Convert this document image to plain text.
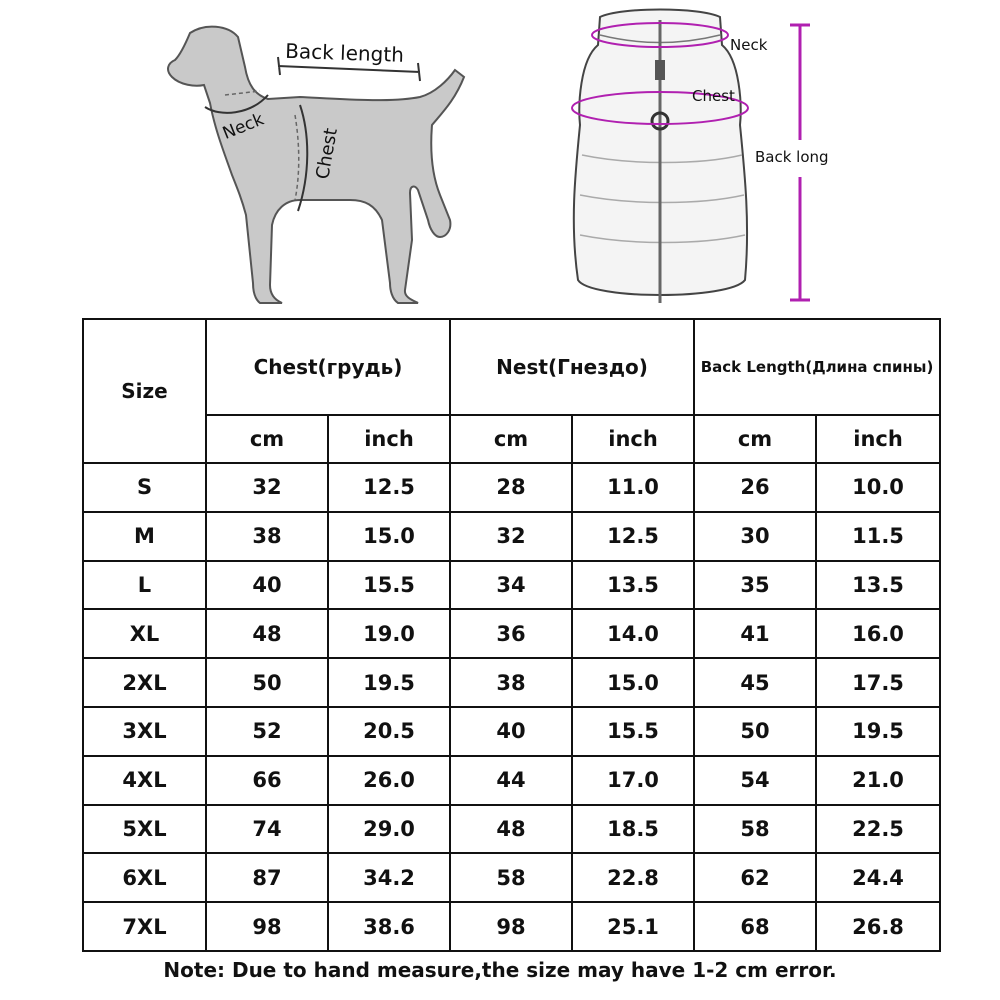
Back length
Neck	Chest
Neck
Chest
Back long
Size	Chest(грудь)		Nest(Гнездо)		Back Length(Длина спины)	
	cm	inch	cm	inch	cm	inch
S	32	12.5	28	11.0	26	10.0
M	38	15.0	32	12.5	30	11.5
L	40	15.5	34	13.5	35	13.5
XL	48	19.0	36	14.0	41	16.0
2XL	50	19.5	38	15.0	45	17.5
3XL	52	20.5	40	15.5	50	19.5
4XL	66	26.0	44	17.0	54	21.0
5XL	74	29.0	48	18.5	58	22.5
6XL	87	34.2	58	22.8	62	24.4
7XL	98	38.6	98	25.1	68	26.8
Note: Due to hand measure,the size may have 1-2 cm error.
